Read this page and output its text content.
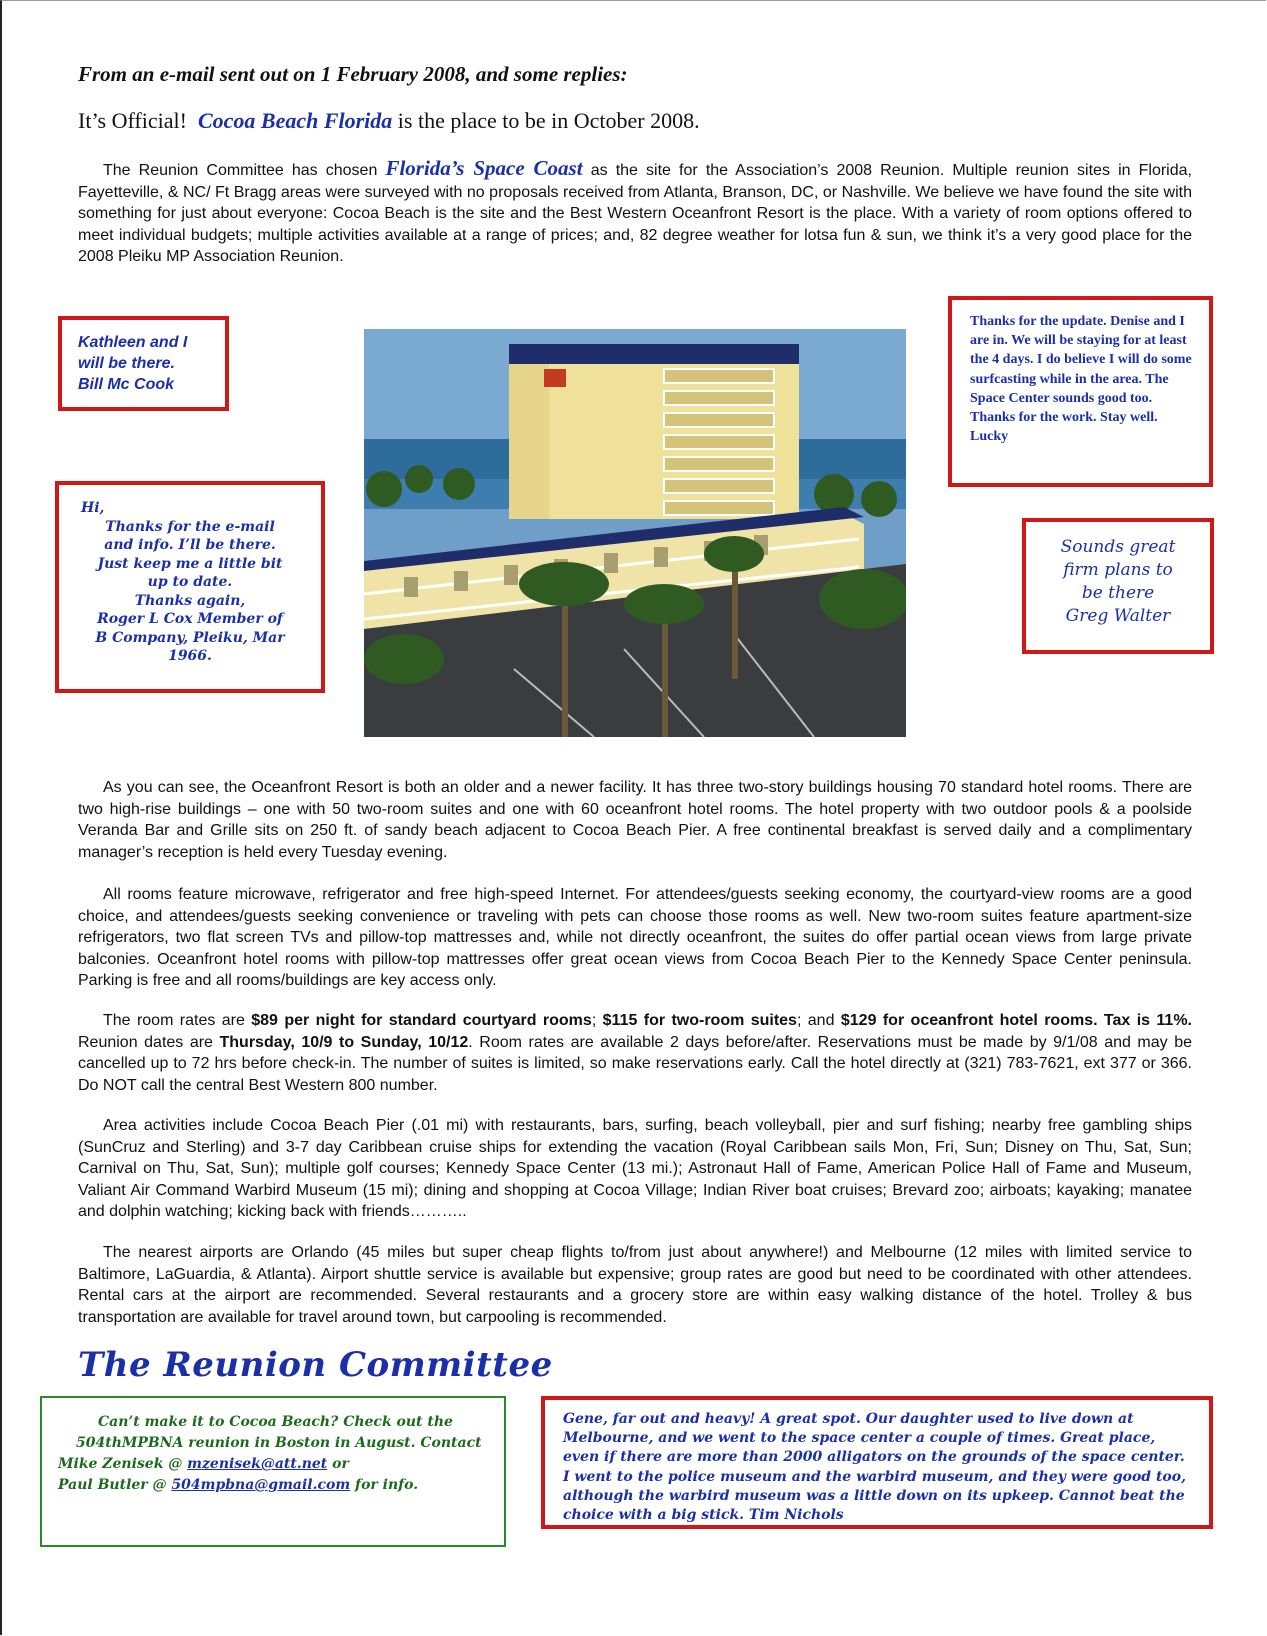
From an e-mail sent out on 1 February 2008, and some replies:
It’s Official! Cocoa Beach Florida is the place to be in October 2008.
The Reunion Committee has chosen Florida’s Space Coast as the site for the Association’s 2008 Reunion. Multiple reunion sites in Florida, Fayetteville, & NC/ Ft Bragg areas were surveyed with no proposals received from Atlanta, Branson, DC, or Nashville. We believe we have found the site with something for just about everyone: Cocoa Beach is the site and the Best Western Oceanfront Resort is the place. With a variety of room options offered to meet individual budgets; multiple activities available at a range of prices; and, 82 degree weather for lotsa fun & sun, we think it’s a very good place for the 2008 Pleiku MP Association Reunion.
Kathleen and I
will be there.
Bill Mc Cook
Hi,
Thanks for the e-mail
and info. I’ll be there.
Just keep me a little bit
up to date.
Thanks again,
Roger L Cox Member of
B Company, Pleiku, Mar
1966.
Thanks for the update. Denise and I are in. We will be staying for at least the 4 days. I do believe I will do some surfcasting while in the area. The Space Center sounds good too. Thanks for the work. Stay well. Lucky
Sounds great
firm plans to
be there
Greg Walter
As you can see, the Oceanfront Resort is both an older and a newer facility. It has three two-story buildings housing 70 standard hotel rooms. There are two high-rise buildings – one with 50 two-room suites and one with 60 oceanfront hotel rooms. The hotel property with two outdoor pools & a poolside Veranda Bar and Grille sits on 250 ft. of sandy beach adjacent to Cocoa Beach Pier. A free continental breakfast is served daily and a complimentary manager’s reception is held every Tuesday evening.
All rooms feature microwave, refrigerator and free high-speed Internet. For attendees/guests seeking economy, the courtyard-view rooms are a good choice, and attendees/guests seeking convenience or traveling with pets can choose those rooms as well. New two-room suites feature apartment-size refrigerators, two flat screen TVs and pillow-top mattresses and, while not directly oceanfront, the suites do offer partial ocean views from large private balconies. Oceanfront hotel rooms with pillow-top mattresses offer great ocean views from Cocoa Beach Pier to the Kennedy Space Center peninsula. Parking is free and all rooms/buildings are key access only.
The room rates are $89 per night for standard courtyard rooms; $115 for two-room suites; and $129 for oceanfront hotel rooms. Tax is 11%. Reunion dates are Thursday, 10/9 to Sunday, 10/12. Room rates are available 2 days before/after. Reservations must be made by 9/1/08 and may be cancelled up to 72 hrs before check-in. The number of suites is limited, so make reservations early. Call the hotel directly at (321) 783-7621, ext 377 or 366. Do NOT call the central Best Western 800 number.
Area activities include Cocoa Beach Pier (.01 mi) with restaurants, bars, surfing, beach volleyball, pier and surf fishing; nearby free gambling ships (SunCruz and Sterling) and 3-7 day Caribbean cruise ships for extending the vacation (Royal Caribbean sails Mon, Fri, Sun; Disney on Thu, Sat, Sun; Carnival on Thu, Sat, Sun); multiple golf courses; Kennedy Space Center (13 mi.); Astronaut Hall of Fame, American Police Hall of Fame and Museum, Valiant Air Command Warbird Museum (15 mi); dining and shopping at Cocoa Village; Indian River boat cruises; Brevard zoo; airboats; kayaking; manatee and dolphin watching; kicking back with friends………..
The nearest airports are Orlando (45 miles but super cheap flights to/from just about anywhere!) and Melbourne (12 miles with limited service to Baltimore, LaGuardia, & Atlanta). Airport shuttle service is available but expensive; group rates are good but need to be coordinated with other attendees. Rental cars at the airport are recommended. Several restaurants and a grocery store are within easy walking distance of the hotel. Trolley & bus transportation are available for travel around town, but carpooling is recommended.
The Reunion Committee
Can’t make it to Cocoa Beach? Check out the
504thMPBNA reunion in Boston in August. Contact
Mike Zenisek @ mzenisek@att.net or
Paul Butler @ 504mpbna@gmail.com for info.
Gene, far out and heavy! A great spot. Our daughter used to live down at Melbourne, and we went to the space center a couple of times. Great place, even if there are more than 2000 alligators on the grounds of the space center. I went to the police museum and the warbird museum, and they were good too, although the warbird museum was a little down on its upkeep. Cannot beat the choice with a big stick. Tim Nichols
